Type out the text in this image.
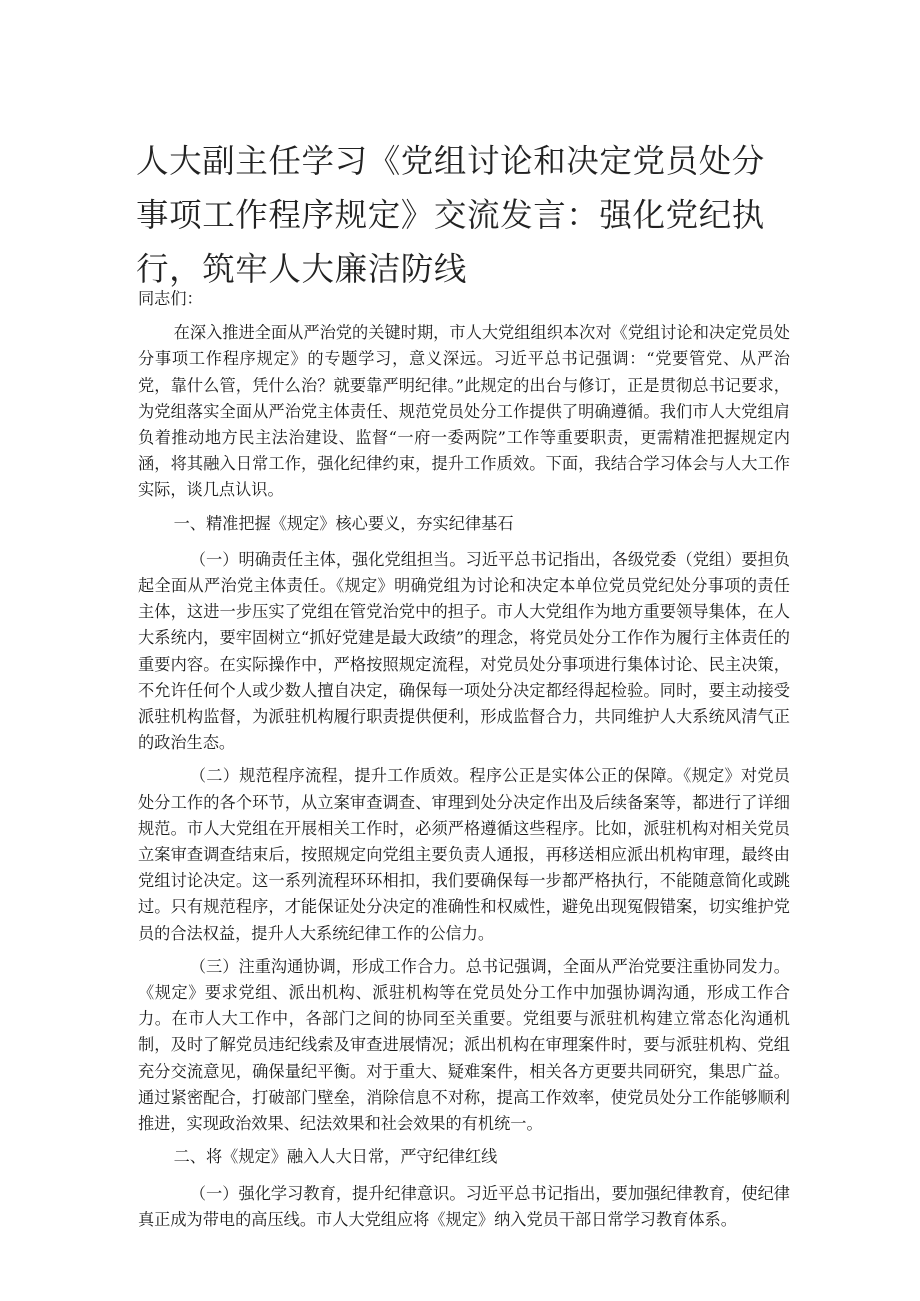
人大副主任学习《党组讨论和决定党员处分事项工作程序规定》交流发言：强化党纪执行，筑牢人大廉洁防线

同志们：

在深入推进全面从严治党的关键时期，市人大党组组织本次对《党组讨论和决定党员处分事项工作程序规定》的专题学习，意义深远。习近平总书记强调：“党要管党、从严治党，靠什么管，凭什么治？就要靠严明纪律。”此规定的出台与修订，正是贯彻总书记要求，为党组落实全面从严治党主体责任、规范党员处分工作提供了明确遵循。我们市人大党组肩负着推动地方民主法治建设、监督“一府一委两院”工作等重要职责，更需精准把握规定内涵，将其融入日常工作，强化纪律约束，提升工作质效。下面，我结合学习体会与人大工作实际，谈几点认识。

一、精准把握《规定》核心要义，夯实纪律基石

（一）明确责任主体，强化党组担当。习近平总书记指出，各级党委（党组）要担负起全面从严治党主体责任。《规定》明确党组为讨论和决定本单位党员党纪处分事项的责任主体，这进一步压实了党组在管党治党中的担子。市人大党组作为地方重要领导集体，在人大系统内，要牢固树立“抓好党建是最大政绩”的理念，将党员处分工作作为履行主体责任的重要内容。在实际操作中，严格按照规定流程，对党员处分事项进行集体讨论、民主决策，不允许任何个人或少数人擅自决定，确保每一项处分决定都经得起检验。同时，要主动接受派驻机构监督，为派驻机构履行职责提供便利，形成监督合力，共同维护人大系统风清气正的政治生态。

（二）规范程序流程，提升工作质效。程序公正是实体公正的保障。《规定》对党员处分工作的各个环节，从立案审查调查、审理到处分决定作出及后续备案等，都进行了详细规范。市人大党组在开展相关工作时，必须严格遵循这些程序。比如，派驻机构对相关党员立案审查调查结束后，按照规定向党组主要负责人通报，再移送相应派出机构审理，最终由党组讨论决定。这一系列流程环环相扣，我们要确保每一步都严格执行，不能随意简化或跳过。只有规范程序，才能保证处分决定的准确性和权威性，避免出现冤假错案，切实维护党员的合法权益，提升人大系统纪律工作的公信力。

（三）注重沟通协调，形成工作合力。总书记强调，全面从严治党要注重协同发力。《规定》要求党组、派出机构、派驻机构等在党员处分工作中加强协调沟通，形成工作合力。在市人大工作中，各部门之间的协同至关重要。党组要与派驻机构建立常态化沟通机制，及时了解党员违纪线索及审查进展情况；派出机构在审理案件时，要与派驻机构、党组充分交流意见，确保量纪平衡。对于重大、疑难案件，相关各方更要共同研究，集思广益。通过紧密配合，打破部门壁垒，消除信息不对称，提高工作效率，使党员处分工作能够顺利推进，实现政治效果、纪法效果和社会效果的有机统一。

二、将《规定》融入人大日常，严守纪律红线

（一）强化学习教育，提升纪律意识。习近平总书记指出，要加强纪律教育，使纪律真正成为带电的高压线。市人大党组应将《规定》纳入党员干部日常学习教育体系。
